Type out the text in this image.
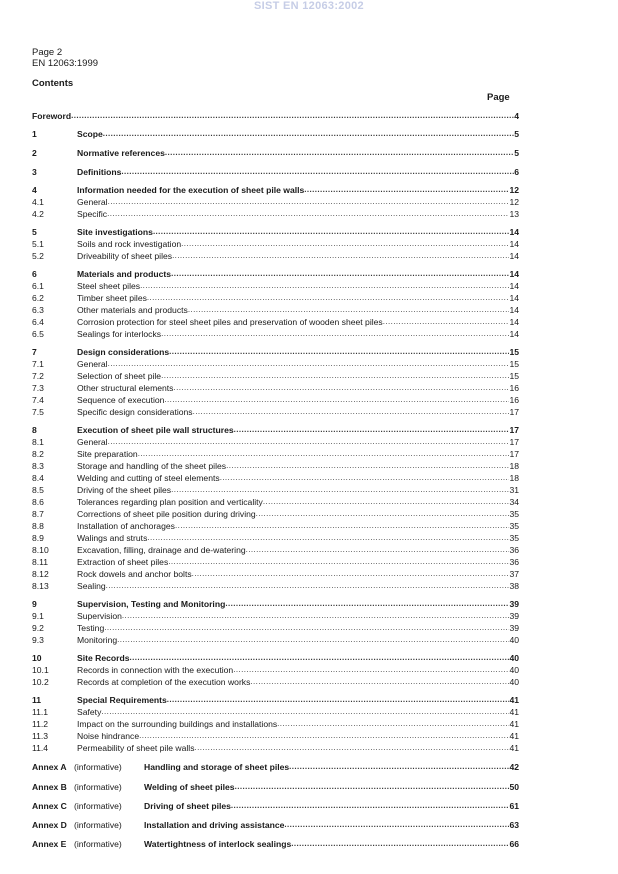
SIST EN 12063:2002
Page 2
EN 12063:1999
Contents
Page
Foreword .....	4
1	Scope .....	5
2	Normative references .....	5
3	Definitions .....	6
4	Information needed for the execution of sheet pile walls .....	12
4.1	General .....	12
4.2	Specific .....	13
5	Site investigations .....	14
5.1	Soils and rock investigation .....	14
5.2	Driveability of sheet piles .....	14
6	Materials and products .....	14
6.1	Steel sheet piles .....	14
6.2	Timber sheet piles .....	14
6.3	Other materials and products .....	14
6.4	Corrosion protection for steel sheet piles and preservation of wooden sheet piles .....	14
6.5	Sealings for interlocks .....	14
7	Design considerations .....	15
7.1	General .....	15
7.2	Selection of sheet pile .....	15
7.3	Other structural elements .....	16
7.4	Sequence of execution .....	16
7.5	Specific design considerations .....	17
8	Execution of sheet pile wall structures .....	17
8.1	General .....	17
8.2	Site preparation .....	17
8.3	Storage and handling of the sheet piles .....	18
8.4	Welding and cutting of steel elements .....	18
8.5	Driving of the sheet piles .....	31
8.6	Tolerances regarding plan position and verticality .....	34
8.7	Corrections of sheet pile position during driving .....	35
8.8	Installation of anchorages .....	35
8.9	Walings and struts .....	35
8.10	Excavation, filling, drainage and de-watering .....	36
8.11	Extraction of sheet piles .....	36
8.12	Rock dowels and anchor bolts .....	37
8.13	Sealing .....	38
9	Supervision, Testing and Monitoring .....	39
9.1	Supervision .....	39
9.2	Testing .....	39
9.3	Monitoring .....	40
10	Site Records .....	40
10.1	Records in connection with the execution .....	40
10.2	Records at completion of the execution works .....	40
11	Special Requirements .....	41
11.1	Safety .....	41
11.2	Impact on the surrounding buildings and installations .....	41
11.3	Noise hindrance .....	41
11.4	Permeability of sheet pile walls .....	41
Annex A (informative)	Handling and storage of sheet piles .....	42
Annex B (informative)	Welding of sheet piles .....	50
Annex C (informative)	Driving of sheet piles .....	61
Annex D (informative)	Installation and driving assistance .....	63
Annex E (informative)	Watertightness of interlock sealings .....	66
